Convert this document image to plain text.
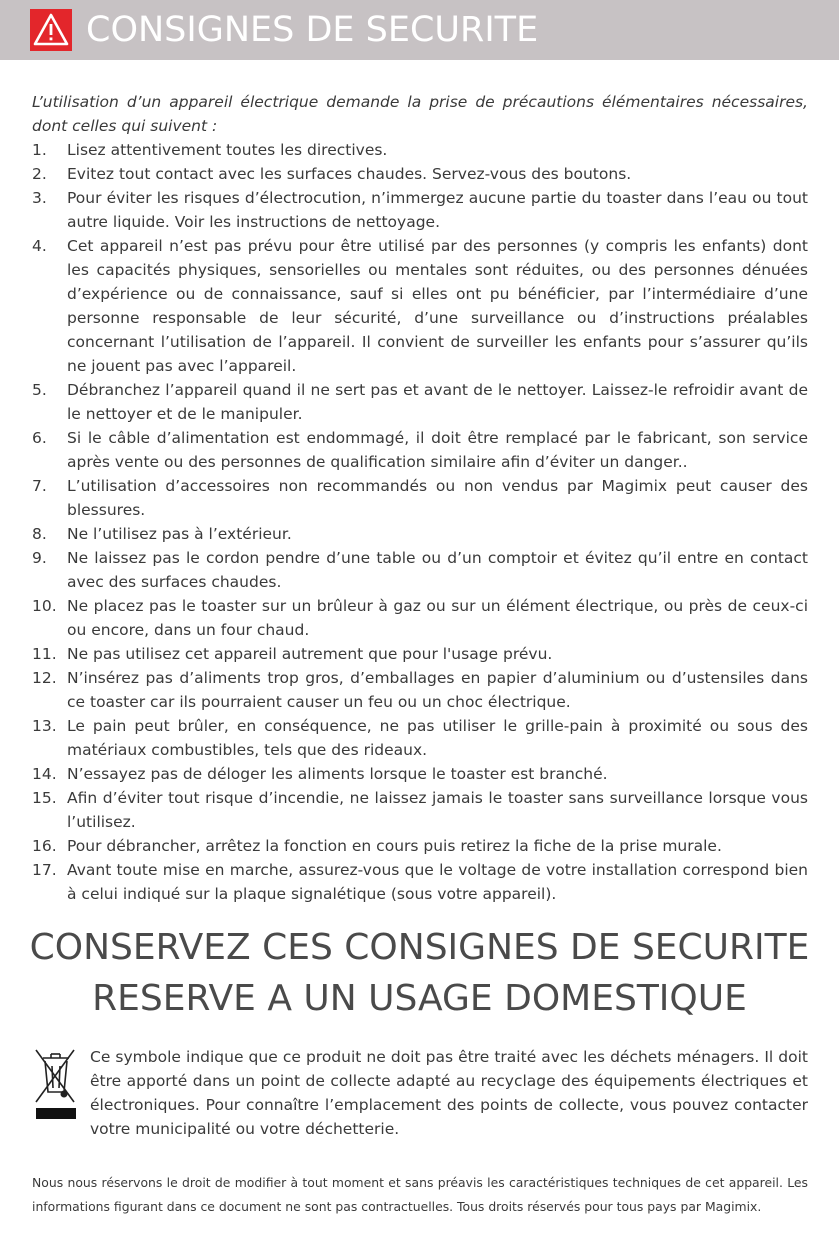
CONSIGNES DE SECURITE

L’utilisation d’un appareil électrique demande la prise de précautions élémentaires nécessaires, dont celles qui suivent :

1. Lisez attentivement toutes les directives.
2. Evitez tout contact avec les surfaces chaudes. Servez-vous des boutons.
3. Pour éviter les risques d’électrocution, n’immergez aucune partie du toaster dans l’eau ou tout autre liquide. Voir les instructions de nettoyage.
4. Cet appareil n’est pas prévu pour être utilisé par des personnes (y compris les enfants) dont les capacités physiques, sensorielles ou mentales sont réduites, ou des personnes dénuées d’expérience ou de connaissance, sauf si elles ont pu bénéficier, par l’intermédiaire d’une personne responsable de leur sécurité, d’une surveillance ou d’instructions préalables concernant l’utilisation de l’appareil. Il convient de surveiller les enfants pour s’assurer qu’ils ne jouent pas avec l’appareil.
5. Débranchez l’appareil quand il ne sert pas et avant de le nettoyer. Laissez-le refroidir avant de le nettoyer et de le manipuler.
6. Si le câble d’alimentation est endommagé, il doit être remplacé par le fabricant, son service après vente ou des personnes de qualification similaire afin d’éviter un danger..
7. L’utilisation d’accessoires non recommandés ou non vendus par Magimix peut causer des blessures.
8. Ne l’utilisez pas à l’extérieur.
9. Ne laissez pas le cordon pendre d’une table ou d’un comptoir et évitez qu’il entre en contact avec des surfaces chaudes.
10. Ne placez pas le toaster sur un brûleur à gaz ou sur un élément électrique, ou près de ceux-ci ou encore, dans un four chaud.
11. Ne pas utilisez cet appareil autrement que pour l'usage prévu.
12. N’insérez pas d’aliments trop gros, d’emballages en papier d’aluminium ou d’ustensiles dans ce toaster car ils pourraient causer un feu ou un choc électrique.
13. Le pain peut brûler, en conséquence, ne pas utiliser le grille-pain à proximité ou sous des matériaux combustibles, tels que des rideaux.
14. N’essayez pas de déloger les aliments lorsque le toaster est branché.
15. Afin d’éviter tout risque d’incendie, ne laissez jamais le toaster sans surveillance lorsque vous l’utilisez.
16. Pour débrancher, arrêtez la fonction en cours puis retirez la fiche de la prise murale.
17. Avant toute mise en marche, assurez-vous que le voltage de votre installation correspond bien à celui indiqué sur la plaque signalétique (sous votre appareil).
CONSERVEZ CES CONSIGNES DE SECURITE
RESERVE A UN USAGE DOMESTIQUE
Ce symbole indique que ce produit ne doit pas être traité avec les déchets ménagers. Il doit être apporté dans un point de collecte adapté au recyclage des équipements électriques et électroniques. Pour connaître l’emplacement des points de collecte, vous pouvez contacter votre municipalité ou votre déchetterie.
Nous nous réservons le droit de modifier à tout moment et sans préavis les caractéristiques techniques de cet appareil. Les informations figurant dans ce document ne sont pas contractuelles. Tous droits réservés pour tous pays par Magimix.
